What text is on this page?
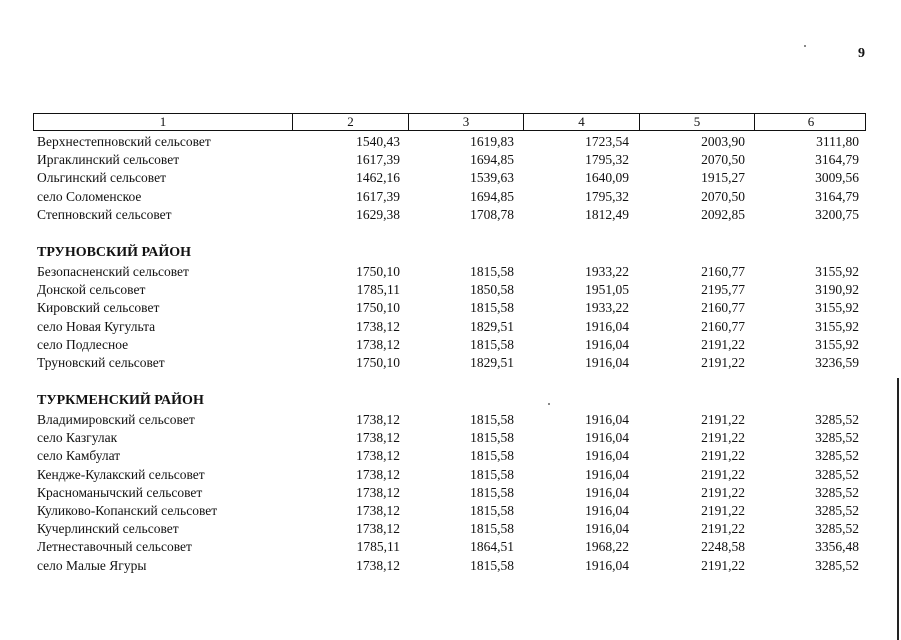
9
1	2	3	4	5	6
Верхнестепновский сельсовет	1540,43	1619,83	1723,54	2003,90	3111,80
Иргаклинский сельсовет	1617,39	1694,85	1795,32	2070,50	3164,79
Ольгинский сельсовет	1462,16	1539,63	1640,09	1915,27	3009,56
село Соломенское	1617,39	1694,85	1795,32	2070,50	3164,79
Степновский сельсовет	1629,38	1708,78	1812,49	2092,85	3200,75
ТРУНОВСКИЙ РАЙОН
Безопасненский сельсовет	1750,10	1815,58	1933,22	2160,77	3155,92
Донской сельсовет	1785,11	1850,58	1951,05	2195,77	3190,92
Кировский сельсовет	1750,10	1815,58	1933,22	2160,77	3155,92
село Новая Кугульта	1738,12	1829,51	1916,04	2160,77	3155,92
село Подлесное	1738,12	1815,58	1916,04	2191,22	3155,92
Труновский сельсовет	1750,10	1829,51	1916,04	2191,22	3236,59
ТУРКМЕНСКИЙ РАЙОН
Владимировский сельсовет	1738,12	1815,58	1916,04	2191,22	3285,52
село Казгулак	1738,12	1815,58	1916,04	2191,22	3285,52
село Камбулат	1738,12	1815,58	1916,04	2191,22	3285,52
Кендже-Кулакский сельсовет	1738,12	1815,58	1916,04	2191,22	3285,52
Красноманычский сельсовет	1738,12	1815,58	1916,04	2191,22	3285,52
Куликово-Копанский сельсовет	1738,12	1815,58	1916,04	2191,22	3285,52
Кучерлинский сельсовет	1738,12	1815,58	1916,04	2191,22	3285,52
Летнеставочный сельсовет	1785,11	1864,51	1968,22	2248,58	3356,48
село Малые Ягуры	1738,12	1815,58	1916,04	2191,22	3285,52
